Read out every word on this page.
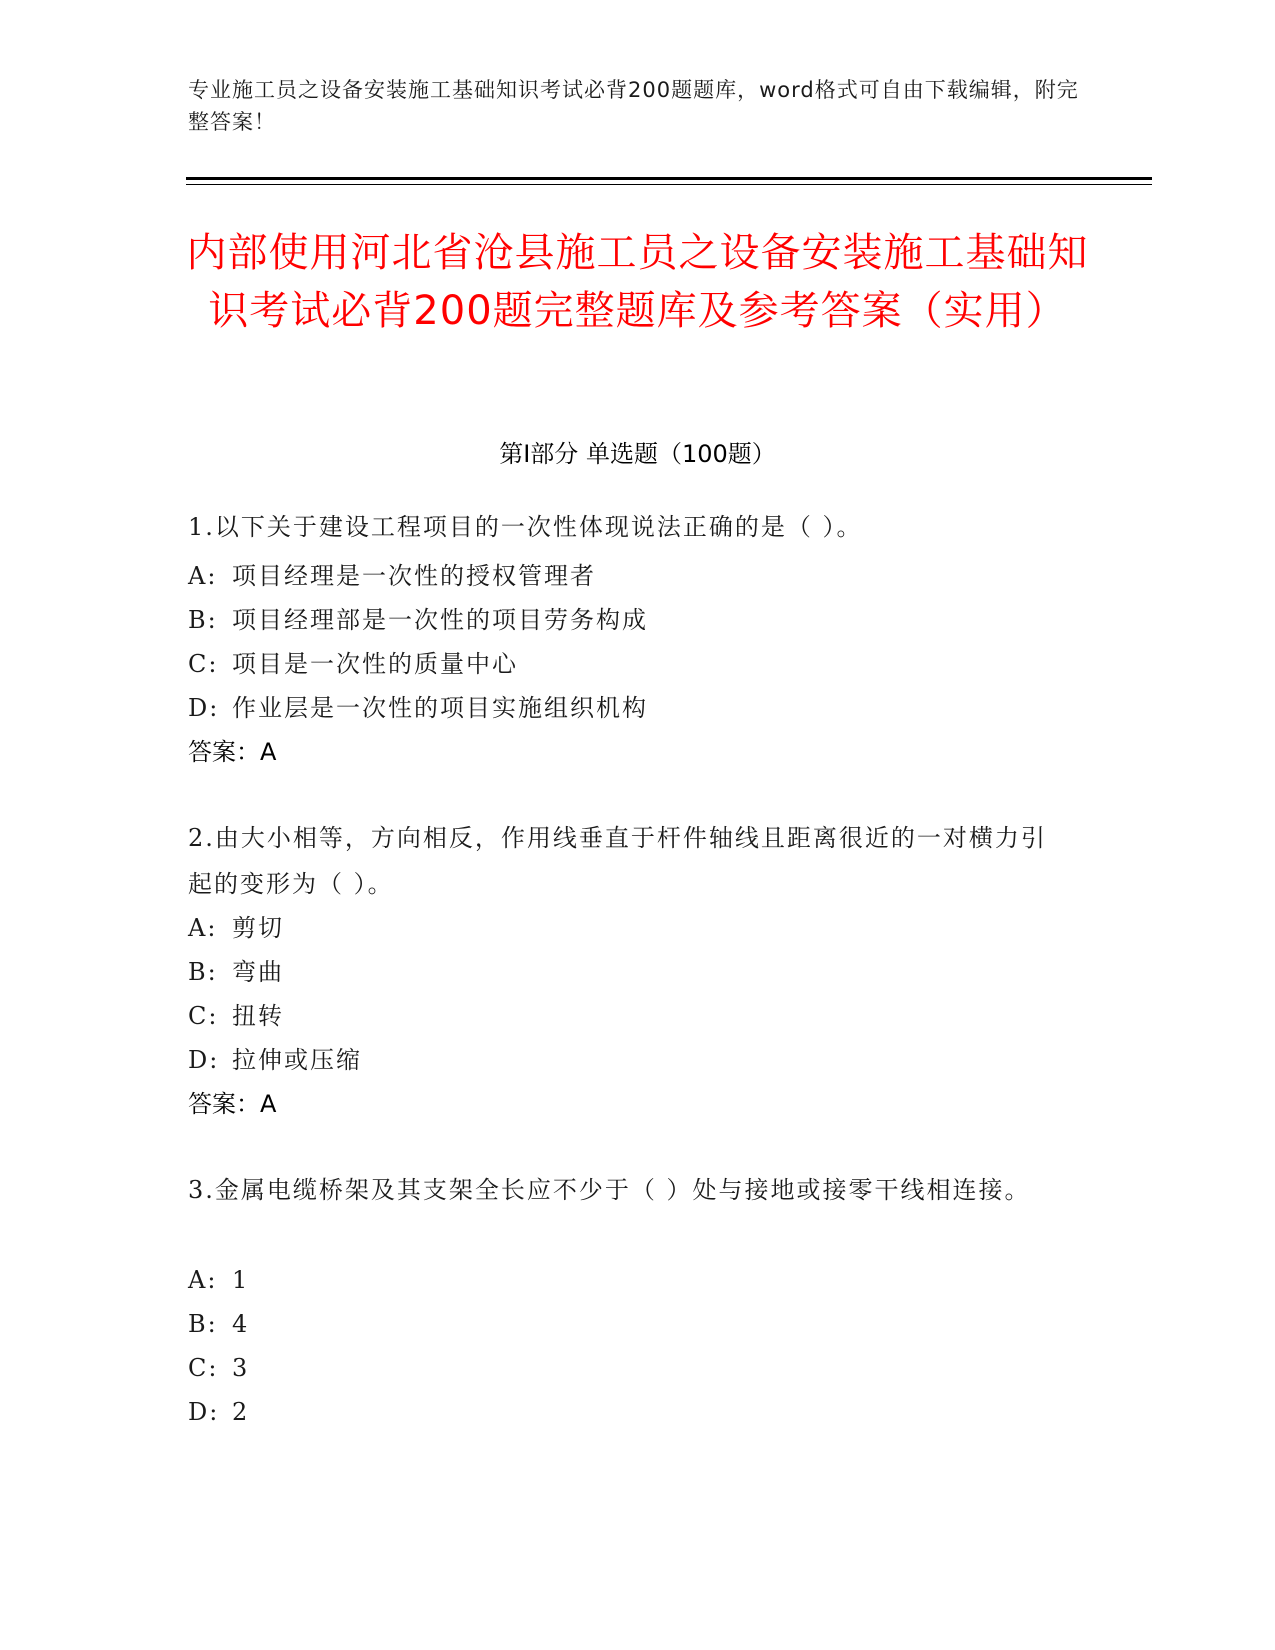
专业施工员之设备安装施工基础知识考试必背200题题库，word格式可自由下载编辑，附完整答案！
内部使用河北省沧县施工员之设备安装施工基础知识考试必背200题完整题库及参考答案（实用）
第Ⅰ部分 单选题（100题）
1.以下关于建设工程项目的一次性体现说法正确的是（ ）。
A: 项目经理是一次性的授权管理者
B: 项目经理部是一次性的项目劳务构成
C: 项目是一次性的质量中心
D: 作业层是一次性的项目实施组织机构
答案：A
2.由大小相等，方向相反，作用线垂直于杆件轴线且距离很近的一对横力引起的变形为（ ）。
A: 剪切
B: 弯曲
C: 扭转
D: 拉伸或压缩
答案：A
3.金属电缆桥架及其支架全长应不少于（ ）处与接地或接零干线相连接。
A: 1
B: 4
C: 3
D: 2
